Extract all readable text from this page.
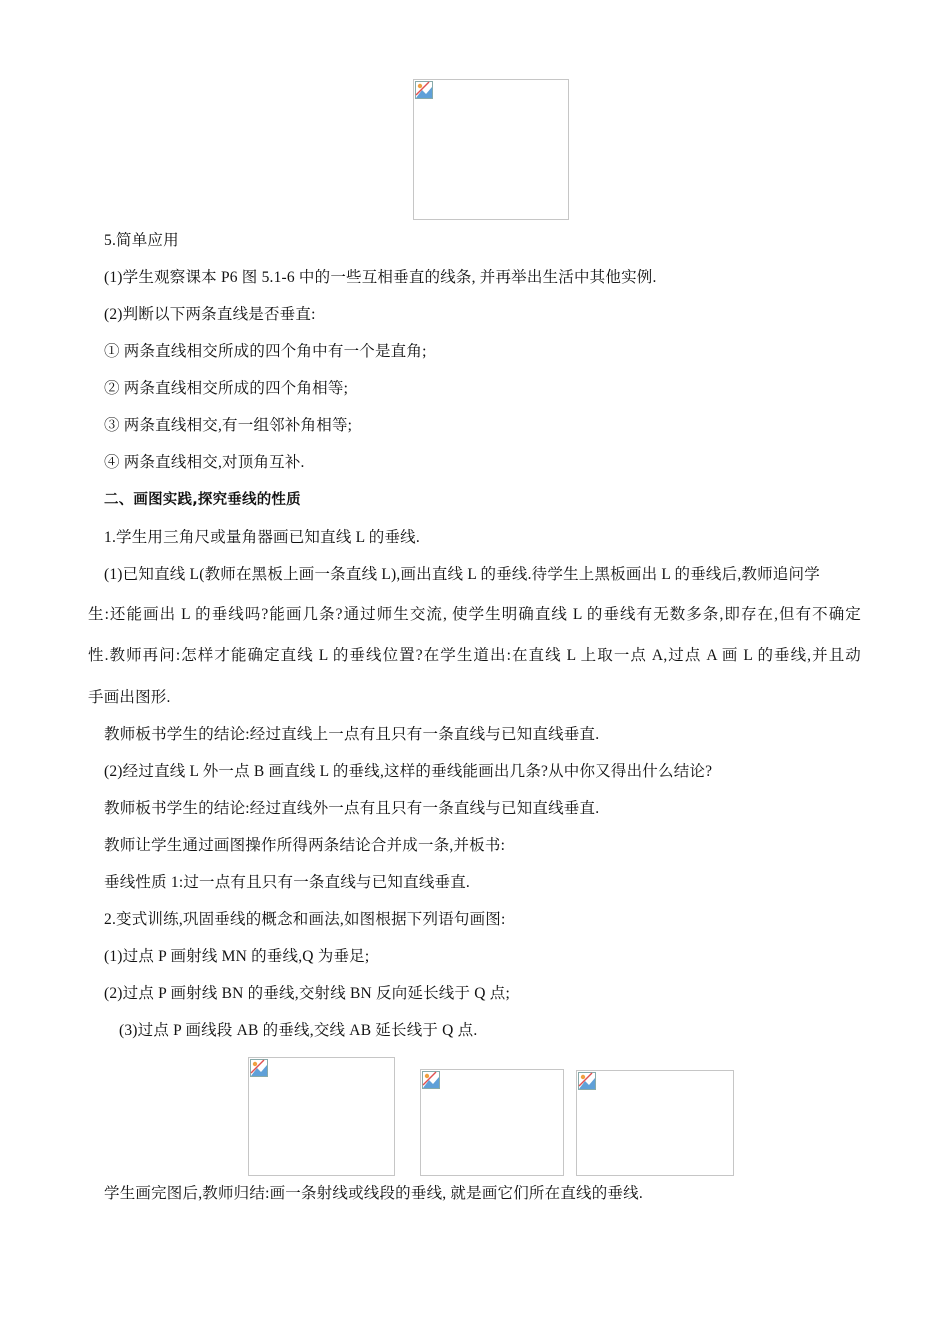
5.简单应用
(1)学生观察课本 P6 图 5.1-6 中的一些互相垂直的线条, 并再举出生活中其他实例.
(2)判断以下两条直线是否垂直:
① 两条直线相交所成的四个角中有一个是直角;
② 两条直线相交所成的四个角相等;
③ 两条直线相交,有一组邻补角相等;
④ 两条直线相交,对顶角互补.
二、画图实践,探究垂线的性质
1.学生用三角尺或量角器画已知直线 L 的垂线.
(1)已知直线 L(教师在黑板上画一条直线 L),画出直线 L 的垂线.待学生上黑板画出 L 的垂线后,教师追问学
生:还能画出 L 的垂线吗?能画几条?通过师生交流, 使学生明确直线 L 的垂线有无数多条,即存在,但有不确定
性.教师再问:怎样才能确定直线 L 的垂线位置?在学生道出:在直线 L 上取一点 A,过点 A 画 L 的垂线,并且动
手画出图形.
教师板书学生的结论:经过直线上一点有且只有一条直线与已知直线垂直.
(2)经过直线 L 外一点 B 画直线 L 的垂线,这样的垂线能画出几条?从中你又得出什么结论?
教师板书学生的结论:经过直线外一点有且只有一条直线与已知直线垂直.
教师让学生通过画图操作所得两条结论合并成一条,并板书:
垂线性质 1:过一点有且只有一条直线与已知直线垂直.
2.变式训练,巩固垂线的概念和画法,如图根据下列语句画图:
(1)过点 P 画射线 MN 的垂线,Q 为垂足;
(2)过点 P 画射线 BN 的垂线,交射线 BN 反向延长线于 Q 点;
(3)过点 P 画线段 AB 的垂线,交线 AB 延长线于 Q 点.
学生画完图后,教师归结:画一条射线或线段的垂线, 就是画它们所在直线的垂线.
